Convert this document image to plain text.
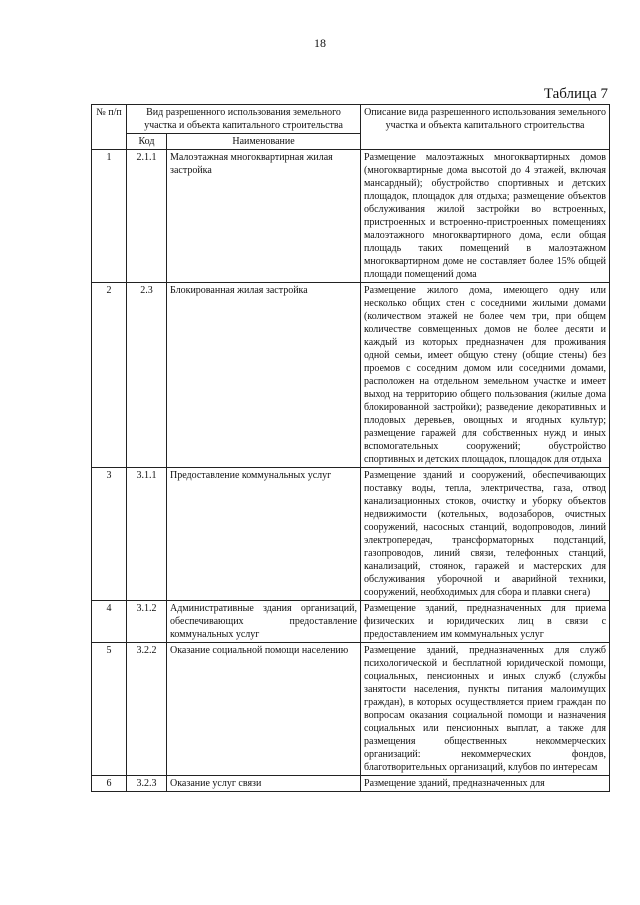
18
Таблица 7
№ п/п	Вид разрешенного использования земельного участка и объекта капитального строительства		Описание вида разрешенного использования земельного участка и объекта капитального строительства
	Код	Наименование	
1	2.1.1	Малоэтажная многоквартирная жилая застройка	Размещение малоэтажных многоквартирных домов (многоквартирные дома высотой до 4 этажей, включая мансардный); обустройство спортивных и детских площадок, площадок для отдыха; размещение объектов обслуживания жилой застройки во встроенных, пристроенных и встроенно-пристроенных помещениях малоэтажного многоквартирного дома, если общая площадь таких помещений в малоэтажном многоквартирном доме не составляет более 15% общей площади помещений дома
2	2.3	Блокированная жилая застройка	Размещение жилого дома, имеющего одну или несколько общих стен с соседними жилыми домами (количеством этажей не более чем три, при общем количестве совмещенных домов не более десяти и каждый из которых предназначен для проживания одной семьи, имеет общую стену (общие стены) без проемов с соседним домом или соседними домами, расположен на отдельном земельном участке и имеет выход на территорию общего пользования (жилые дома блокированной застройки); разведение декоративных и плодовых деревьев, овощных и ягодных культур; размещение гаражей для собственных нужд и иных вспомогательных сооружений; обустройство спортивных и детских площадок, площадок для отдыха
3	3.1.1	Предоставление коммунальных услуг	Размещение зданий и сооружений, обеспечивающих поставку воды, тепла, электричества, газа, отвод канализационных стоков, очистку и уборку объектов недвижимости (котельных, водозаборов, очистных сооружений, насосных станций, водопроводов, линий электропередач, трансформаторных подстанций, газопроводов, линий связи, телефонных станций, канализаций, стоянок, гаражей и мастерских для обслуживания уборочной и аварийной техники, сооружений, необходимых для сбора и плавки снега)
4	3.1.2	Административные здания организаций, обеспечивающих предоставление коммунальных услуг	Размещение зданий, предназначенных для приема физических и юридических лиц в связи с предоставлением им коммунальных услуг
5	3.2.2	Оказание социальной помощи населению	Размещение зданий, предназначенных для служб психологической и бесплатной юридической помощи, социальных, пенсионных и иных служб (службы занятости населения, пункты питания малоимущих граждан), в которых осуществляется прием граждан по вопросам оказания социальной помощи и назначения социальных или пенсионных выплат, а также для размещения общественных некоммерческих организаций: некоммерческих фондов, благотворительных организаций, клубов по интересам
6	3.2.3	Оказание услуг связи	Размещение зданий, предназначенных для
